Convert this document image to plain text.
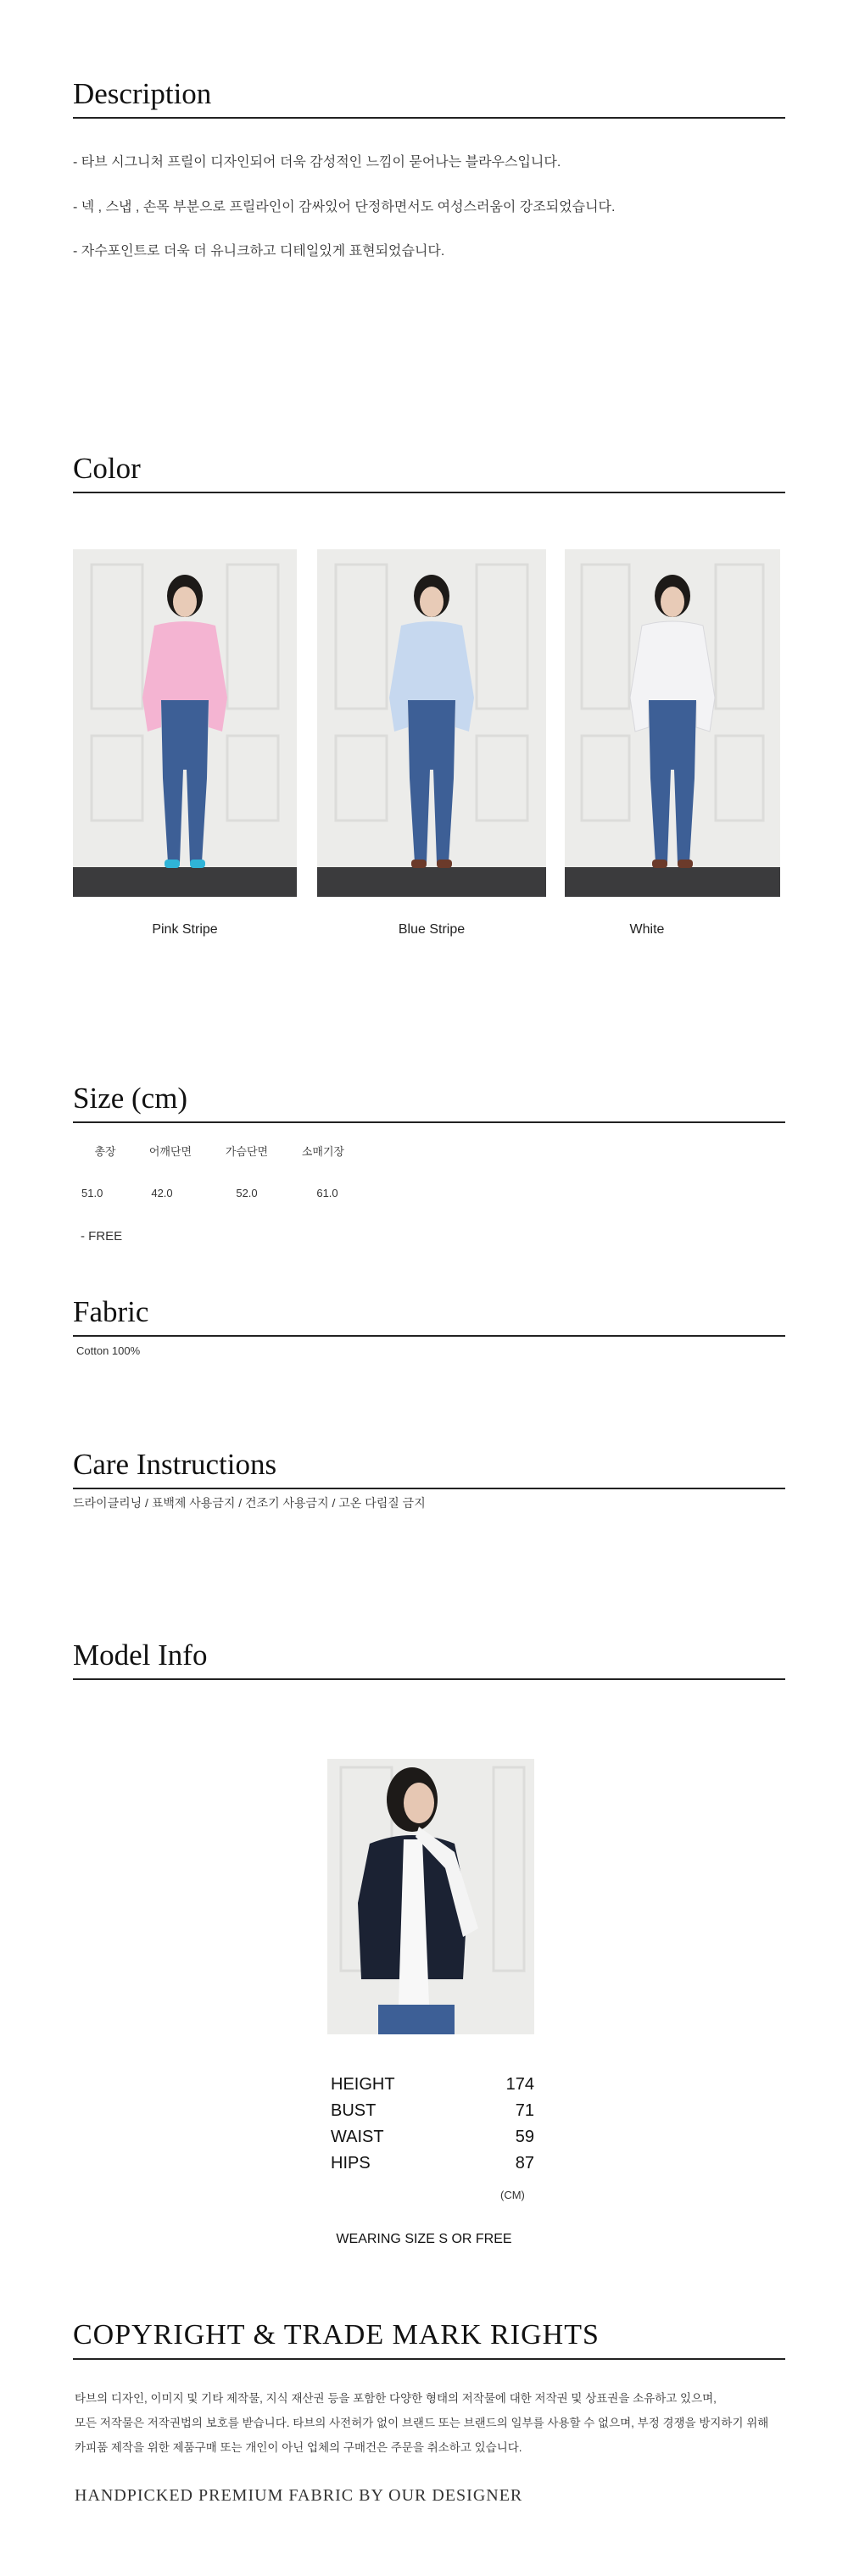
Description
- 타브 시그니처 프릴이 디자인되어 더욱 감성적인 느낌이 묻어나는 블라우스입니다.
- 넥 , 스냅 , 손목 부분으로 프릴라인이 감싸있어 단정하면서도 여성스러움이 강조되었습니다.
- 자수포인트로 더욱 더 유니크하고 디테일있게 표현되었습니다.
Color
Pink Stripe	Blue Stripe	White
Size (cm)
총장	어깨단면	가슴단면	소매기장
51.0	42.0	52.0	61.0
- FREE
Fabric
Cotton 100%
Care Instructions
드라이클리닝 / 표백제 사용금지 / 건조기 사용금지 / 고온 다림질 금지
Model Info
HEIGHT	174
BUST	71
WAIST	59
HIPS	87
(CM)
WEARING SIZE S OR FREE
COPYRIGHT & TRADE MARK RIGHTS
타브의 디자인, 이미지 및 기타 제작물, 지식 재산권 등을 포함한 다양한 형태의 저작물에 대한 저작권 및 상표권을 소유하고 있으며,
모든 저작물은 저작권법의 보호를 받습니다. 타브의 사전허가 없이 브랜드 또는 브랜드의 일부를 사용할 수 없으며, 부정 경쟁을 방지하기 위해
카피품 제작을 위한 제품구매 또는 개인이 아닌 업체의 구매건은 주문을 취소하고 있습니다.
HANDPICKED PREMIUM FABRIC BY OUR DESIGNER
